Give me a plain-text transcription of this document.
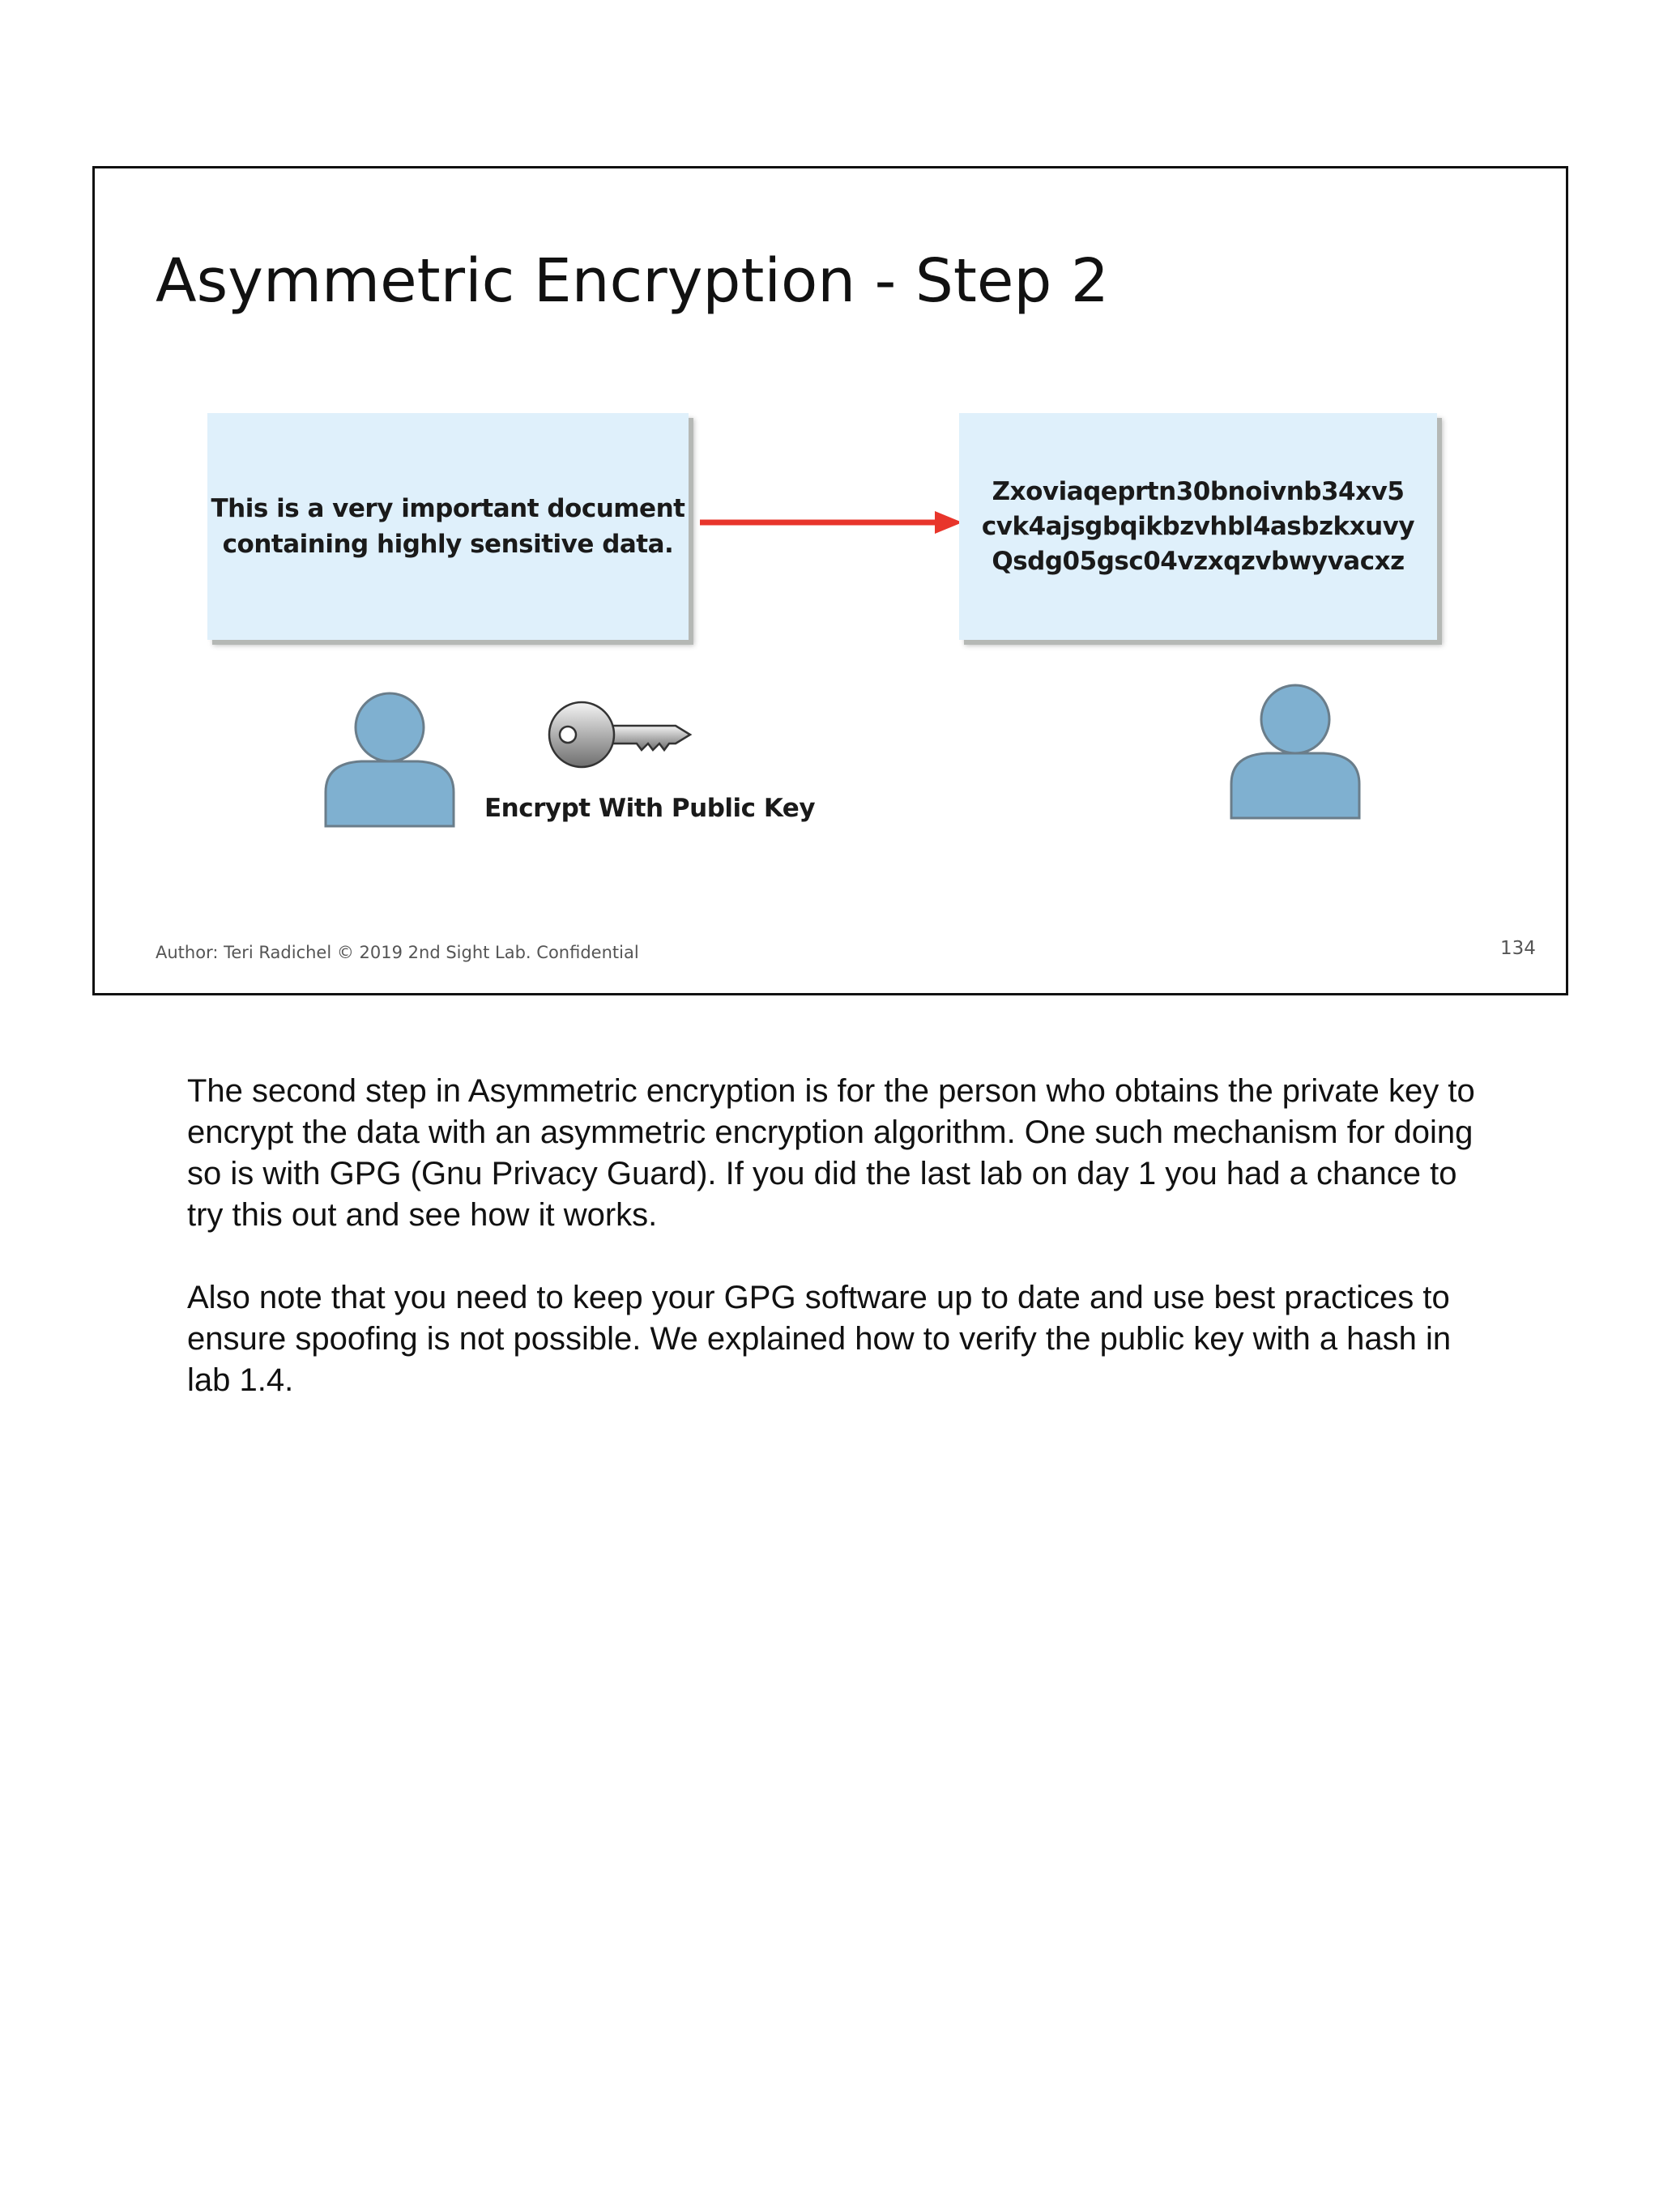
Asymmetric Encryption - Step 2
This is a very important document
containing highly sensitive data.
Zxoviaqeprtn30bnoivnb34xv5
cvk4ajsgbqikbzvhbl4asbzkxuvy
Qsdg05gsc04vzxqzvbwyvacxz
Encrypt With Public Key
Author: Teri Radichel © 2019 2nd Sight Lab. Confidential	134

The second step in Asymmetric encryption is for the person who obtains the private key to encrypt the data with an asymmetric encryption algorithm. One such mechanism for doing so is with GPG (Gnu Privacy Guard). If you did the last lab on day 1 you had a chance to try this out and see how it works.

Also note that you need to keep your GPG software up to date and use best practices to ensure spoofing is not possible. We explained how to verify the public key with a hash in lab 1.4.
